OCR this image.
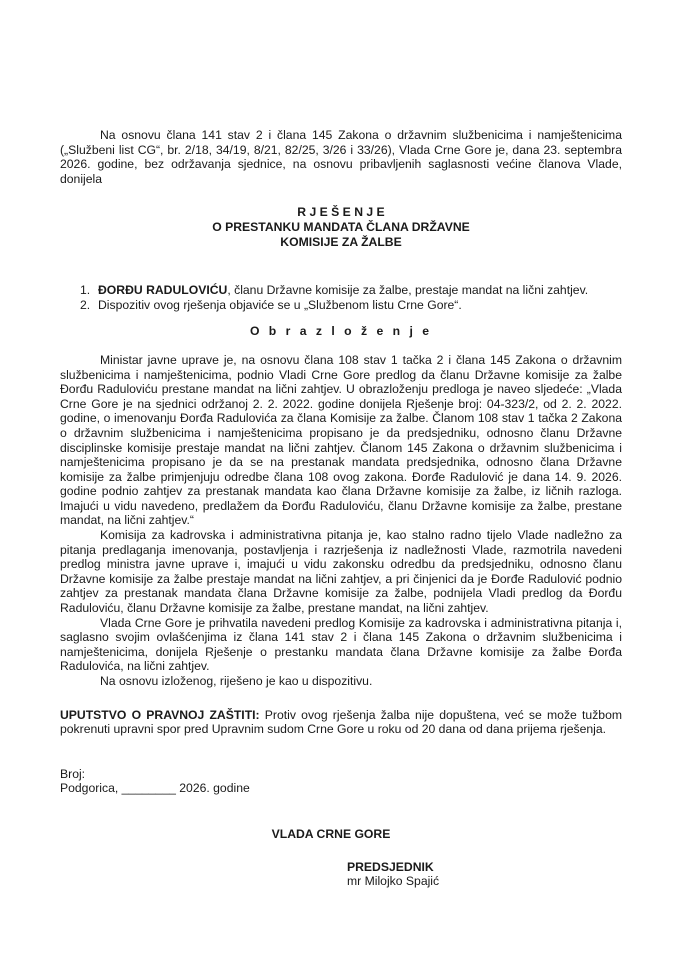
Na osnovu člana 141 stav 2 i člana 145 Zakona o državnim službenicima i namještenicima („Službeni list CG“, br. 2/18, 34/19, 8/21, 82/25, 3/26 i 33/26), Vlada Crne Gore je, dana 23. septembra 2026. godine, bez održavanja sjednice, na osnovu pribavljenih saglasnosti većine članova Vlade, donijela

R J E Š E N J E

O PRESTANKU MANDATA ČLANA DRŽAVNE

KOMISIJE ZA ŽALBE

1. ĐORĐU RADULOVIĆU, članu Državne komisije za žalbe, prestaje mandat na lični zahtjev.
2. Dispozitiv ovog rješenja objaviće se u „Službenom listu Crne Gore“.

O b r a z l o ž e n j e

Ministar javne uprave je, na osnovu člana 108 stav 1 tačka 2 i člana 145 Zakona o državnim službenicima i namještenicima, podnio Vladi Crne Gore predlog da članu Državne komisije za žalbe Đorđu Raduloviću prestane mandat na lični zahtjev. U obrazloženju predloga je naveo sljedeće: „Vlada Crne Gore je na sjednici održanoj 2. 2. 2022. godine donijela Rješenje broj: 04-323/2, od 2. 2. 2022. godine, o imenovanju Đorđa Radulovića za člana Komisije za žalbe. Članom 108 stav 1 tačka 2 Zakona o državnim službenicima i namještenicima propisano je da predsjedniku, odnosno članu Državne disciplinske komisije prestaje mandat na lični zahtjev. Članom 145 Zakona o državnim službenicima i namještenicima propisano je da se na prestanak mandata predsjednika, odnosno člana Državne komisije za žalbe primjenjuju odredbe člana 108 ovog zakona. Đorđe Radulović je dana 14. 9. 2026. godine podnio zahtjev za prestanak mandata kao člana Državne komisije za žalbe, iz ličnih razloga. Imajući u vidu navedeno, predlažem da Đorđu Raduloviću, članu Državne komisije za žalbe, prestane mandat, na lični zahtjev.“

Komisija za kadrovska i administrativna pitanja je, kao stalno radno tijelo Vlade nadležno za pitanja predlaganja imenovanja, postavljenja i razrješenja iz nadležnosti Vlade, razmotrila navedeni predlog ministra javne uprave i, imajući u vidu zakonsku odredbu da predsjedniku, odnosno članu Državne komisije za žalbe prestaje mandat na lični zahtjev, a pri činjenici da je Đorđe Radulović podnio zahtjev za prestanak mandata člana Državne komisije za žalbe, podnijela Vladi predlog da Đorđu Raduloviću, članu Državne komisije za žalbe, prestane mandat, na lični zahtjev.

Vlada Crne Gore je prihvatila navedeni predlog Komisije za kadrovska i administrativna pitanja i, saglasno svojim ovlašćenjima iz člana 141 stav 2 i člana 145 Zakona o državnim službenicima i namještenicima, donijela Rješenje o prestanku mandata člana Državne komisije za žalbe Đorđa Radulovića, na lični zahtjev.

Na osnovu izloženog, riješeno je kao u dispozitivu.

UPUTSTVO O PRAVNOJ ZAŠTITI: Protiv ovog rješenja žalba nije dopuštena, već se može tužbom pokrenuti upravni spor pred Upravnim sudom Crne Gore u roku od 20 dana od dana prijema rješenja.

Broj:
Podgorica, ________ 2026. godine
VLADA CRNE GORE
PREDSJEDNIK
mr Milojko Spajić
